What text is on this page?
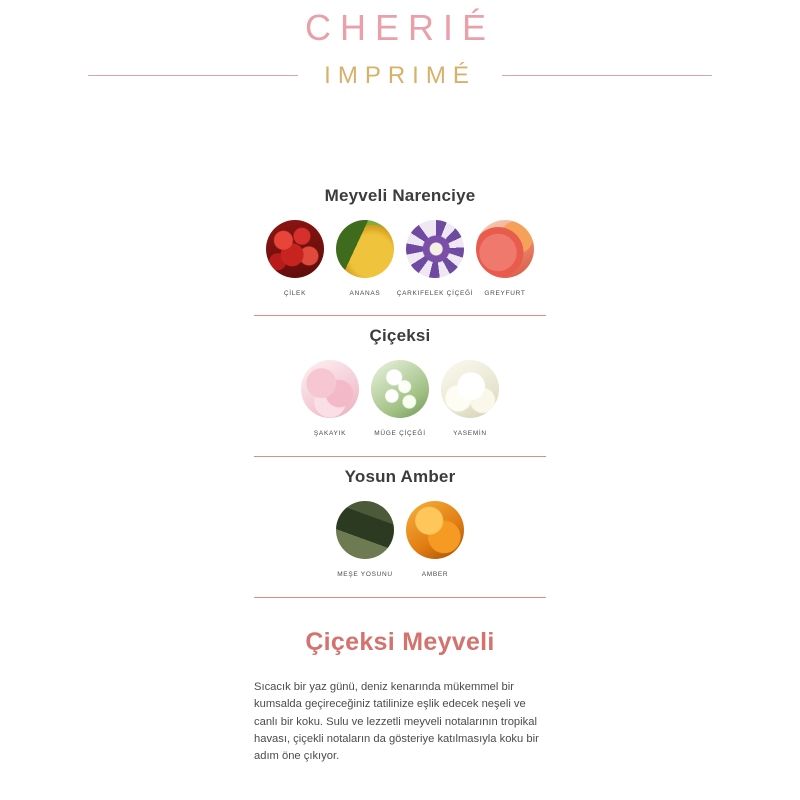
CHERIÉ
IMPRIMÉ
Meyveli Narenciye
ÇİLEK	ANANAS	ÇARKIFELEK ÇİÇEĞİ GREYFURT
Çiçeksi
ŞAKAYIK	MÜGE ÇİÇEĞİ	YASEMİN
Yosun Amber
MEŞE YOSUNU	AMBER
Çiçeksi Meyveli
Sıcacık bir yaz günü, deniz kenarında mükemmel bir kumsalda geçireceğiniz tatilinize eşlik edecek neşeli ve canlı bir koku. Sulu ve lezzetli meyveli notalarının tropikal havası, çiçekli notaların da gösteriye katılmasıyla koku bir adım öne çıkıyor.
